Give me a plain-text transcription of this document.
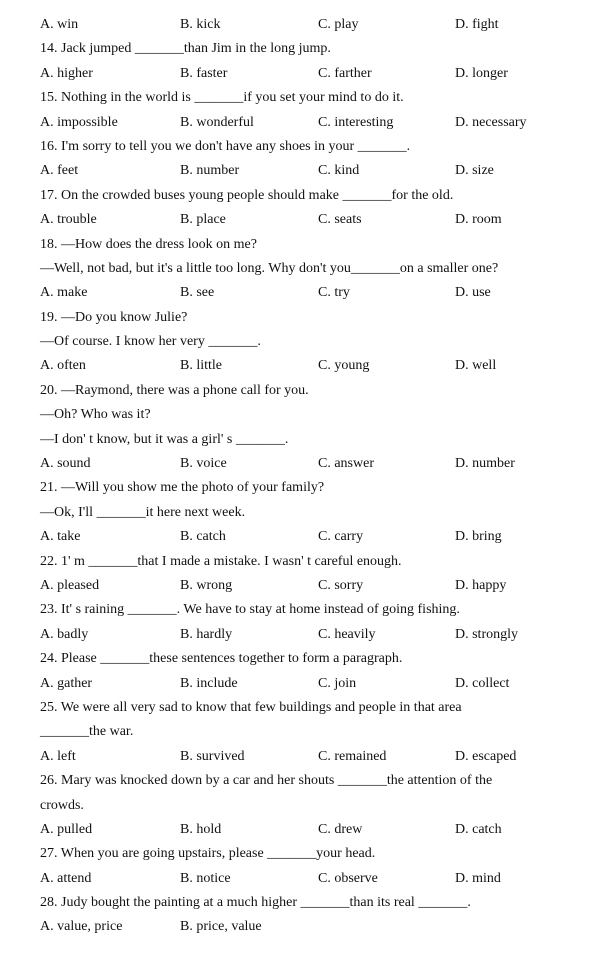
A. win	B. kick	C. play	D. fight
14. Jack jumped _______than Jim in the long jump.
A. higher	B. faster	C. farther	D. longer
15. Nothing in the world is _______if you set your mind to do it.
A. impossible	B. wonderful	C. interesting	D. necessary
16. I'm sorry to tell you we don't have any shoes in your _______.
A. feet	B. number	C. kind	D. size
17. On the crowded buses young people should make _______for the old.
A. trouble	B. place	C. seats	D. room
18. —How does the dress look on me?
—Well, not bad, but it's a little too long. Why don't you_______on a smaller one?
A. make	B. see	C. try	D. use
19. —Do you know Julie?
—Of course. I know her very _______.
A. often	B. little	C. young	D. well
20. —Raymond, there was a phone call for you.
—Oh? Who was it?
—I don' t know, but it was a girl' s _______.
A. sound	B. voice	C. answer	D. number
21. —Will you show me the photo of your family?
—Ok, I'll _______it here next week.
A. take	B. catch	C. carry	D. bring
22. 1' m _______that I made a mistake. I wasn' t careful enough.
A. pleased	B. wrong	C. sorry	D. happy
23. It' s raining _______. We have to stay at home instead of going fishing.
A. badly	B. hardly	C. heavily	D. strongly
24. Please _______these sentences together to form a paragraph.
A. gather	B. include	C. join	D. collect
25. We were all very sad to know that few buildings and people in that area
_______the war.
A. left	B. survived	C. remained	D. escaped
26. Mary was knocked down by a car and her shouts _______the attention of the
crowds.
A. pulled	B. hold	C. drew	D. catch
27. When you are going upstairs, please _______your head.
A. attend	B. notice	C. observe	D. mind
28. Judy bought the painting at a much higher _______than its real _______.
A. value, price	B. price, value
